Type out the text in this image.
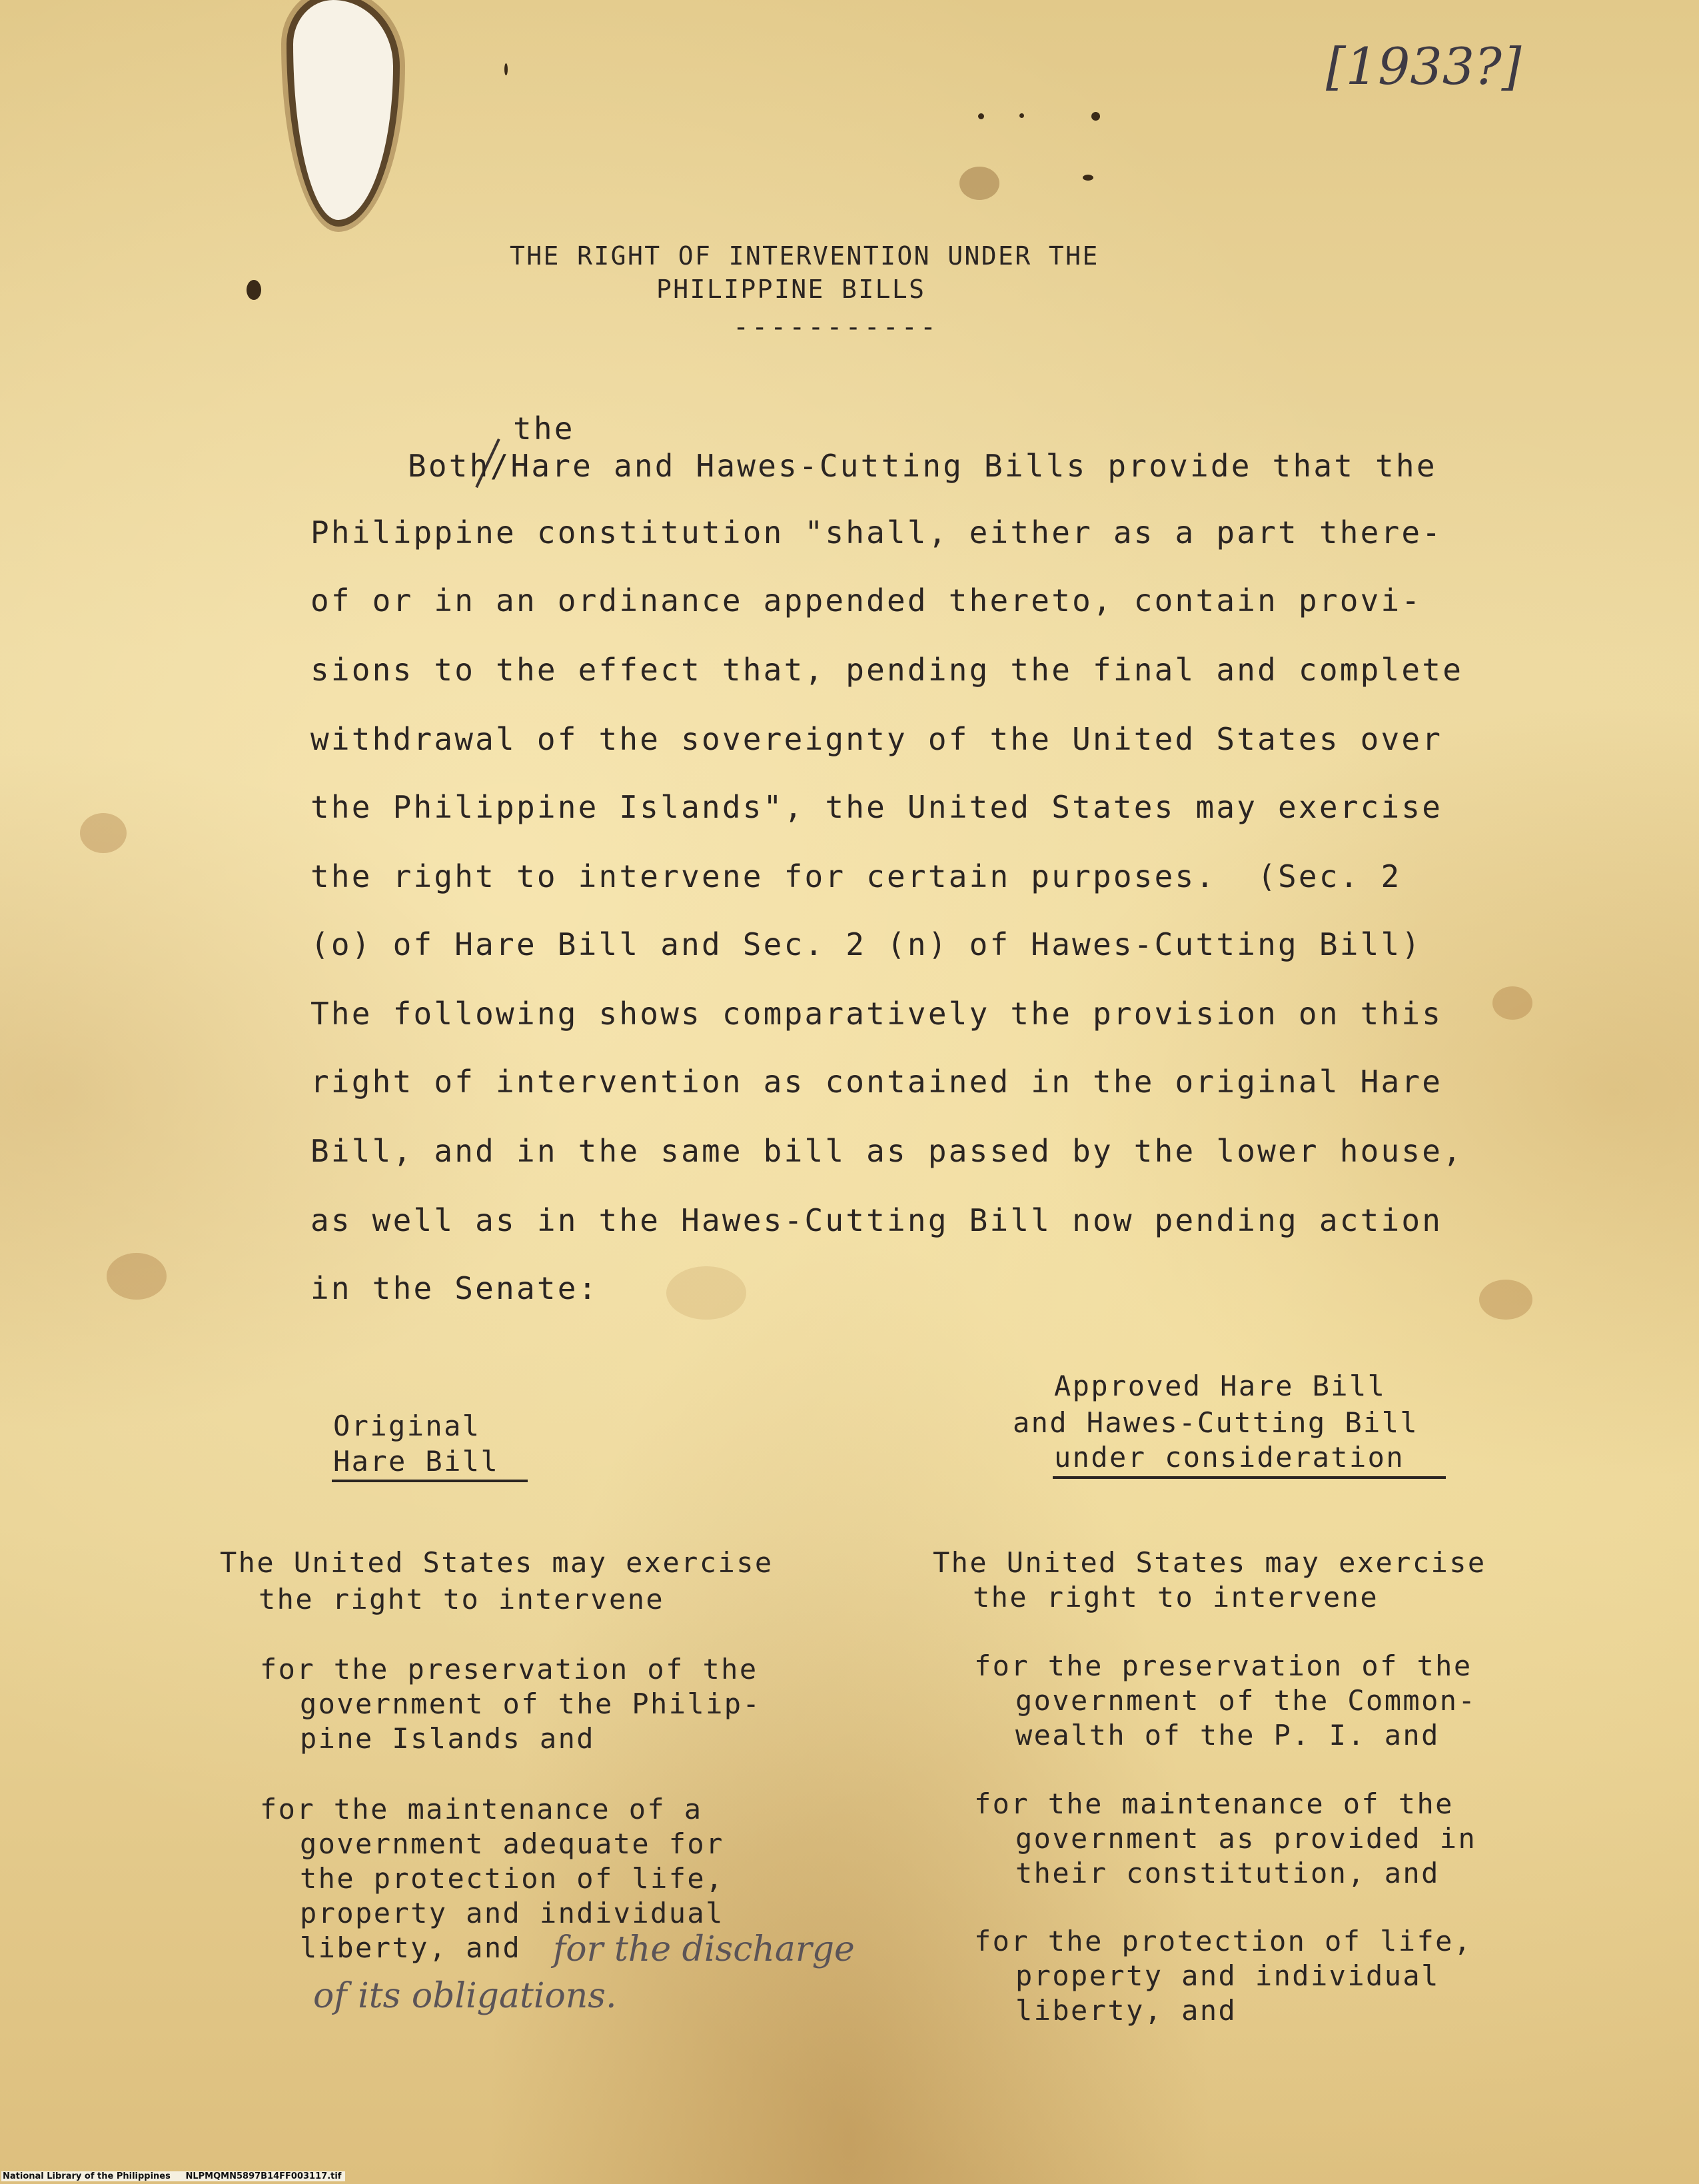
[1933?]
THE RIGHT OF INTERVENTION UNDER THE
PHILIPPINE BILLS
-----------
the
Both/Hare and Hawes-Cutting Bills provide that the
Philippine constitution "shall, either as a part there-
of or in an ordinance appended thereto, contain provi-
sions to the effect that, pending the final and complete
withdrawal of the sovereignty of the United States over
the Philippine Islands", the United States may exercise
the right to intervene for certain purposes.  (Sec. 2
(o) of Hare Bill and Sec. 2 (n) of Hawes-Cutting Bill)
The following shows comparatively the provision on this
right of intervention as contained in the original Hare
Bill, and in the same bill as passed by the lower house,
as well as in the Hawes-Cutting Bill now pending action
in the Senate:
Original
Hare Bill
Approved Hare Bill
and Hawes-Cutting Bill
under consideration
The United States may exercise
the right to intervene
for the preservation of the
government of the Philip-
pine Islands and
for the maintenance of a
government adequate for
the protection of life,
property and individual
liberty, and for the discharge
of its obligations.
The United States may exercise
the right to intervene
for the preservation of the
government of the Common-
wealth of the P. I. and
for the maintenance of the
government as provided in
their constitution, and
for the protection of life,
property and individual
liberty, and
National Library of the Philippines     NLPMQMN5897B14FF003117.tif
